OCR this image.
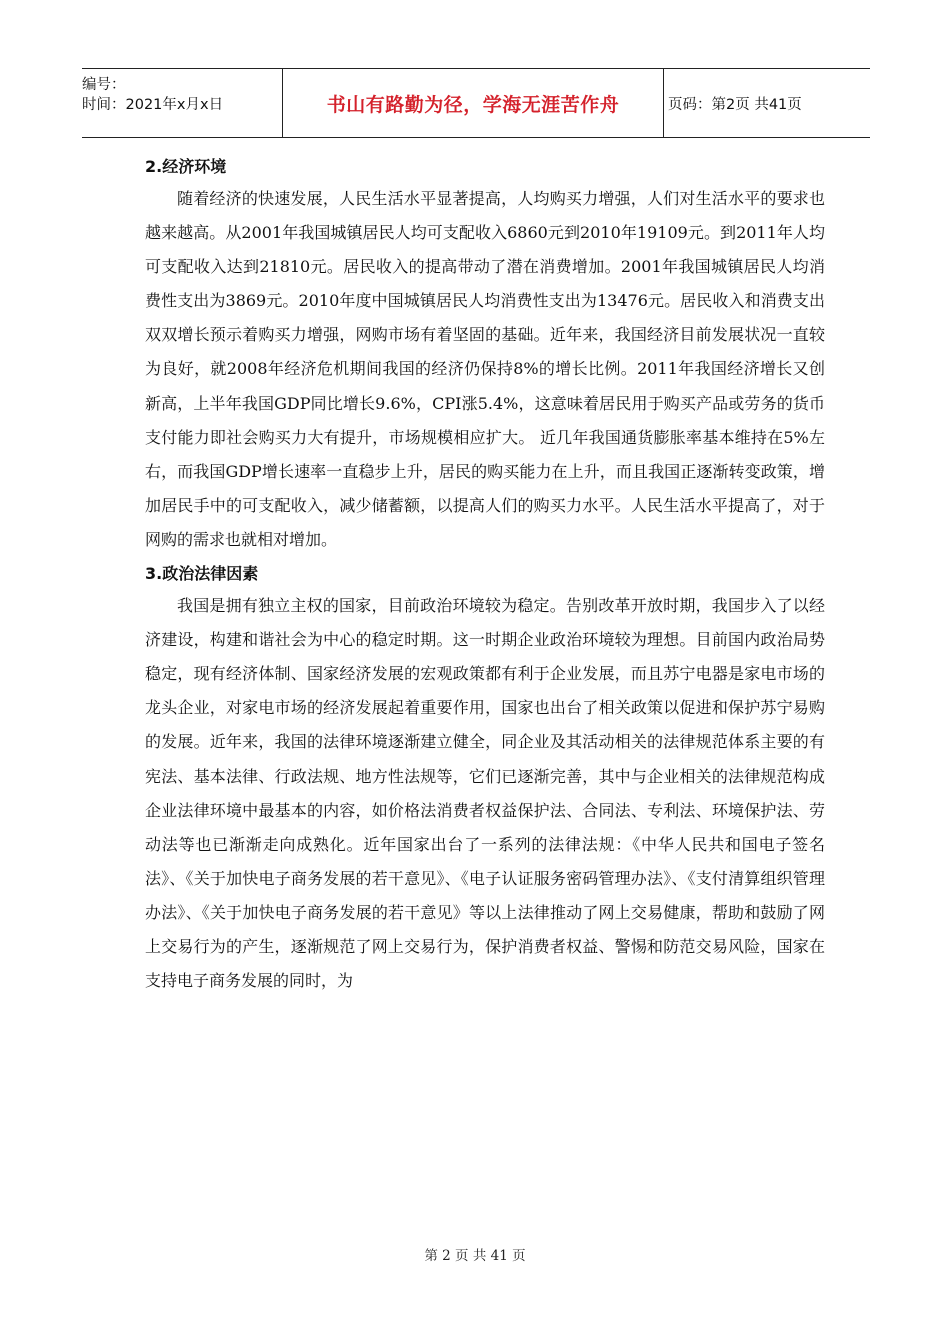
编号：
时间：2021年x月x日	书山有路勤为径，学海无涯苦作舟	页码：第2页 共41页
2.经济环境

随着经济的快速发展，人民生活水平显著提高，人均购买力增强，人们对生活水平的要求也越来越高。从2001年我国城镇居民人均可支配收入6860元到2010年19109元。到2011年人均可支配收入达到21810元。居民收入的提高带动了潜在消费增加。2001年我国城镇居民人均消费性支出为3869元。2010年度中国城镇居民人均消费性支出为13476元。居民收入和消费支出双双增长预示着购买力增强，网购市场有着坚固的基础。近年来，我国经济目前发展状况一直较为良好，就2008年经济危机期间我国的经济仍保持8%的增长比例。2011年我国经济增长又创新高，上半年我国GDP同比增长9.6%，CPI涨5.4%，这意味着居民用于购买产品或劳务的货币支付能力即社会购买力大有提升，市场规模相应扩大。 近几年我国通货膨胀率基本维持在5%左右，而我国GDP增长速率一直稳步上升，居民的购买能力在上升，而且我国正逐渐转变政策，增加居民手中的可支配收入，减少储蓄额，以提高人们的购买力水平。人民生活水平提高了，对于网购的需求也就相对增加。

3.政治法律因素

我国是拥有独立主权的国家，目前政治环境较为稳定。告别改革开放时期，我国步入了以经济建设，构建和谐社会为中心的稳定时期。这一时期企业政治环境较为理想。目前国内政治局势稳定，现有经济体制、国家经济发展的宏观政策都有利于企业发展，而且苏宁电器是家电市场的龙头企业，对家电市场的经济发展起着重要作用，国家也出台了相关政策以促进和保护苏宁易购的发展。近年来，我国的法律环境逐渐建立健全，同企业及其活动相关的法律规范体系主要的有宪法、基本法律、行政法规、地方性法规等，它们已逐渐完善，其中与企业相关的法律规范构成企业法律环境中最基本的内容，如价格法消费者权益保护法、合同法、专利法、环境保护法、劳动法等也已渐渐走向成熟化。近年国家出台了一系列的法律法规：《中华人民共和国电子签名法》、《关于加快电子商务发展的若干意见》、《电子认证服务密码管理办法》、《支付清算组织管理办法》、《关于加快电子商务发展的若干意见》等以上法律推动了网上交易健康，帮助和鼓励了网上交易行为的产生，逐渐规范了网上交易行为，保护消费者权益、警惕和防范交易风险，国家在支持电子商务发展的同时，为

第 2 页 共 41 页
